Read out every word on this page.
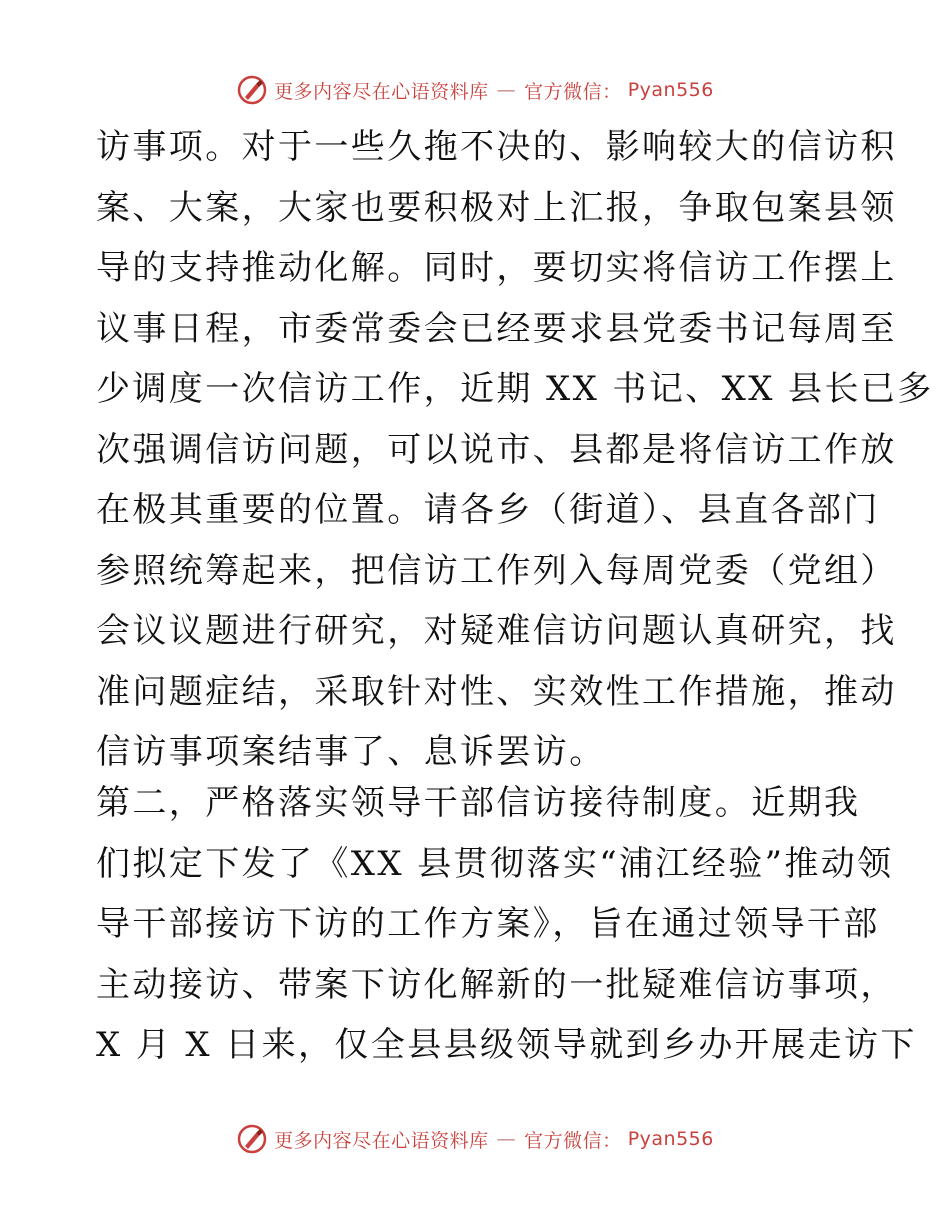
更多内容尽在心语资料库 — 官方微信： Pyan556
访事项。对于一些久拖不决的、影响较大的信访积
案、大案，大家也要积极对上汇报，争取包案县领
导的支持推动化解。同时，要切实将信访工作摆上
议事日程，市委常委会已经要求县党委书记每周至
少调度一次信访工作，近期 XX 书记、XX 县长已多
次强调信访问题，可以说市、县都是将信访工作放
在极其重要的位置。请各乡（街道）、县直各部门
参照统筹起来，把信访工作列入每周党委（党组）
会议议题进行研究，对疑难信访问题认真研究，找
准问题症结，采取针对性、实效性工作措施，推动
信访事项案结事了、息诉罢访。
第二，严格落实领导干部信访接待制度。近期我
们拟定下发了《XX 县贯彻落实“浦江经验”推动领
导干部接访下访的工作方案》，旨在通过领导干部
主动接访、带案下访化解新的一批疑难信访事项，
X 月 X 日来，仅全县县级领导就到乡办开展走访下
更多内容尽在心语资料库 — 官方微信： Pyan556
